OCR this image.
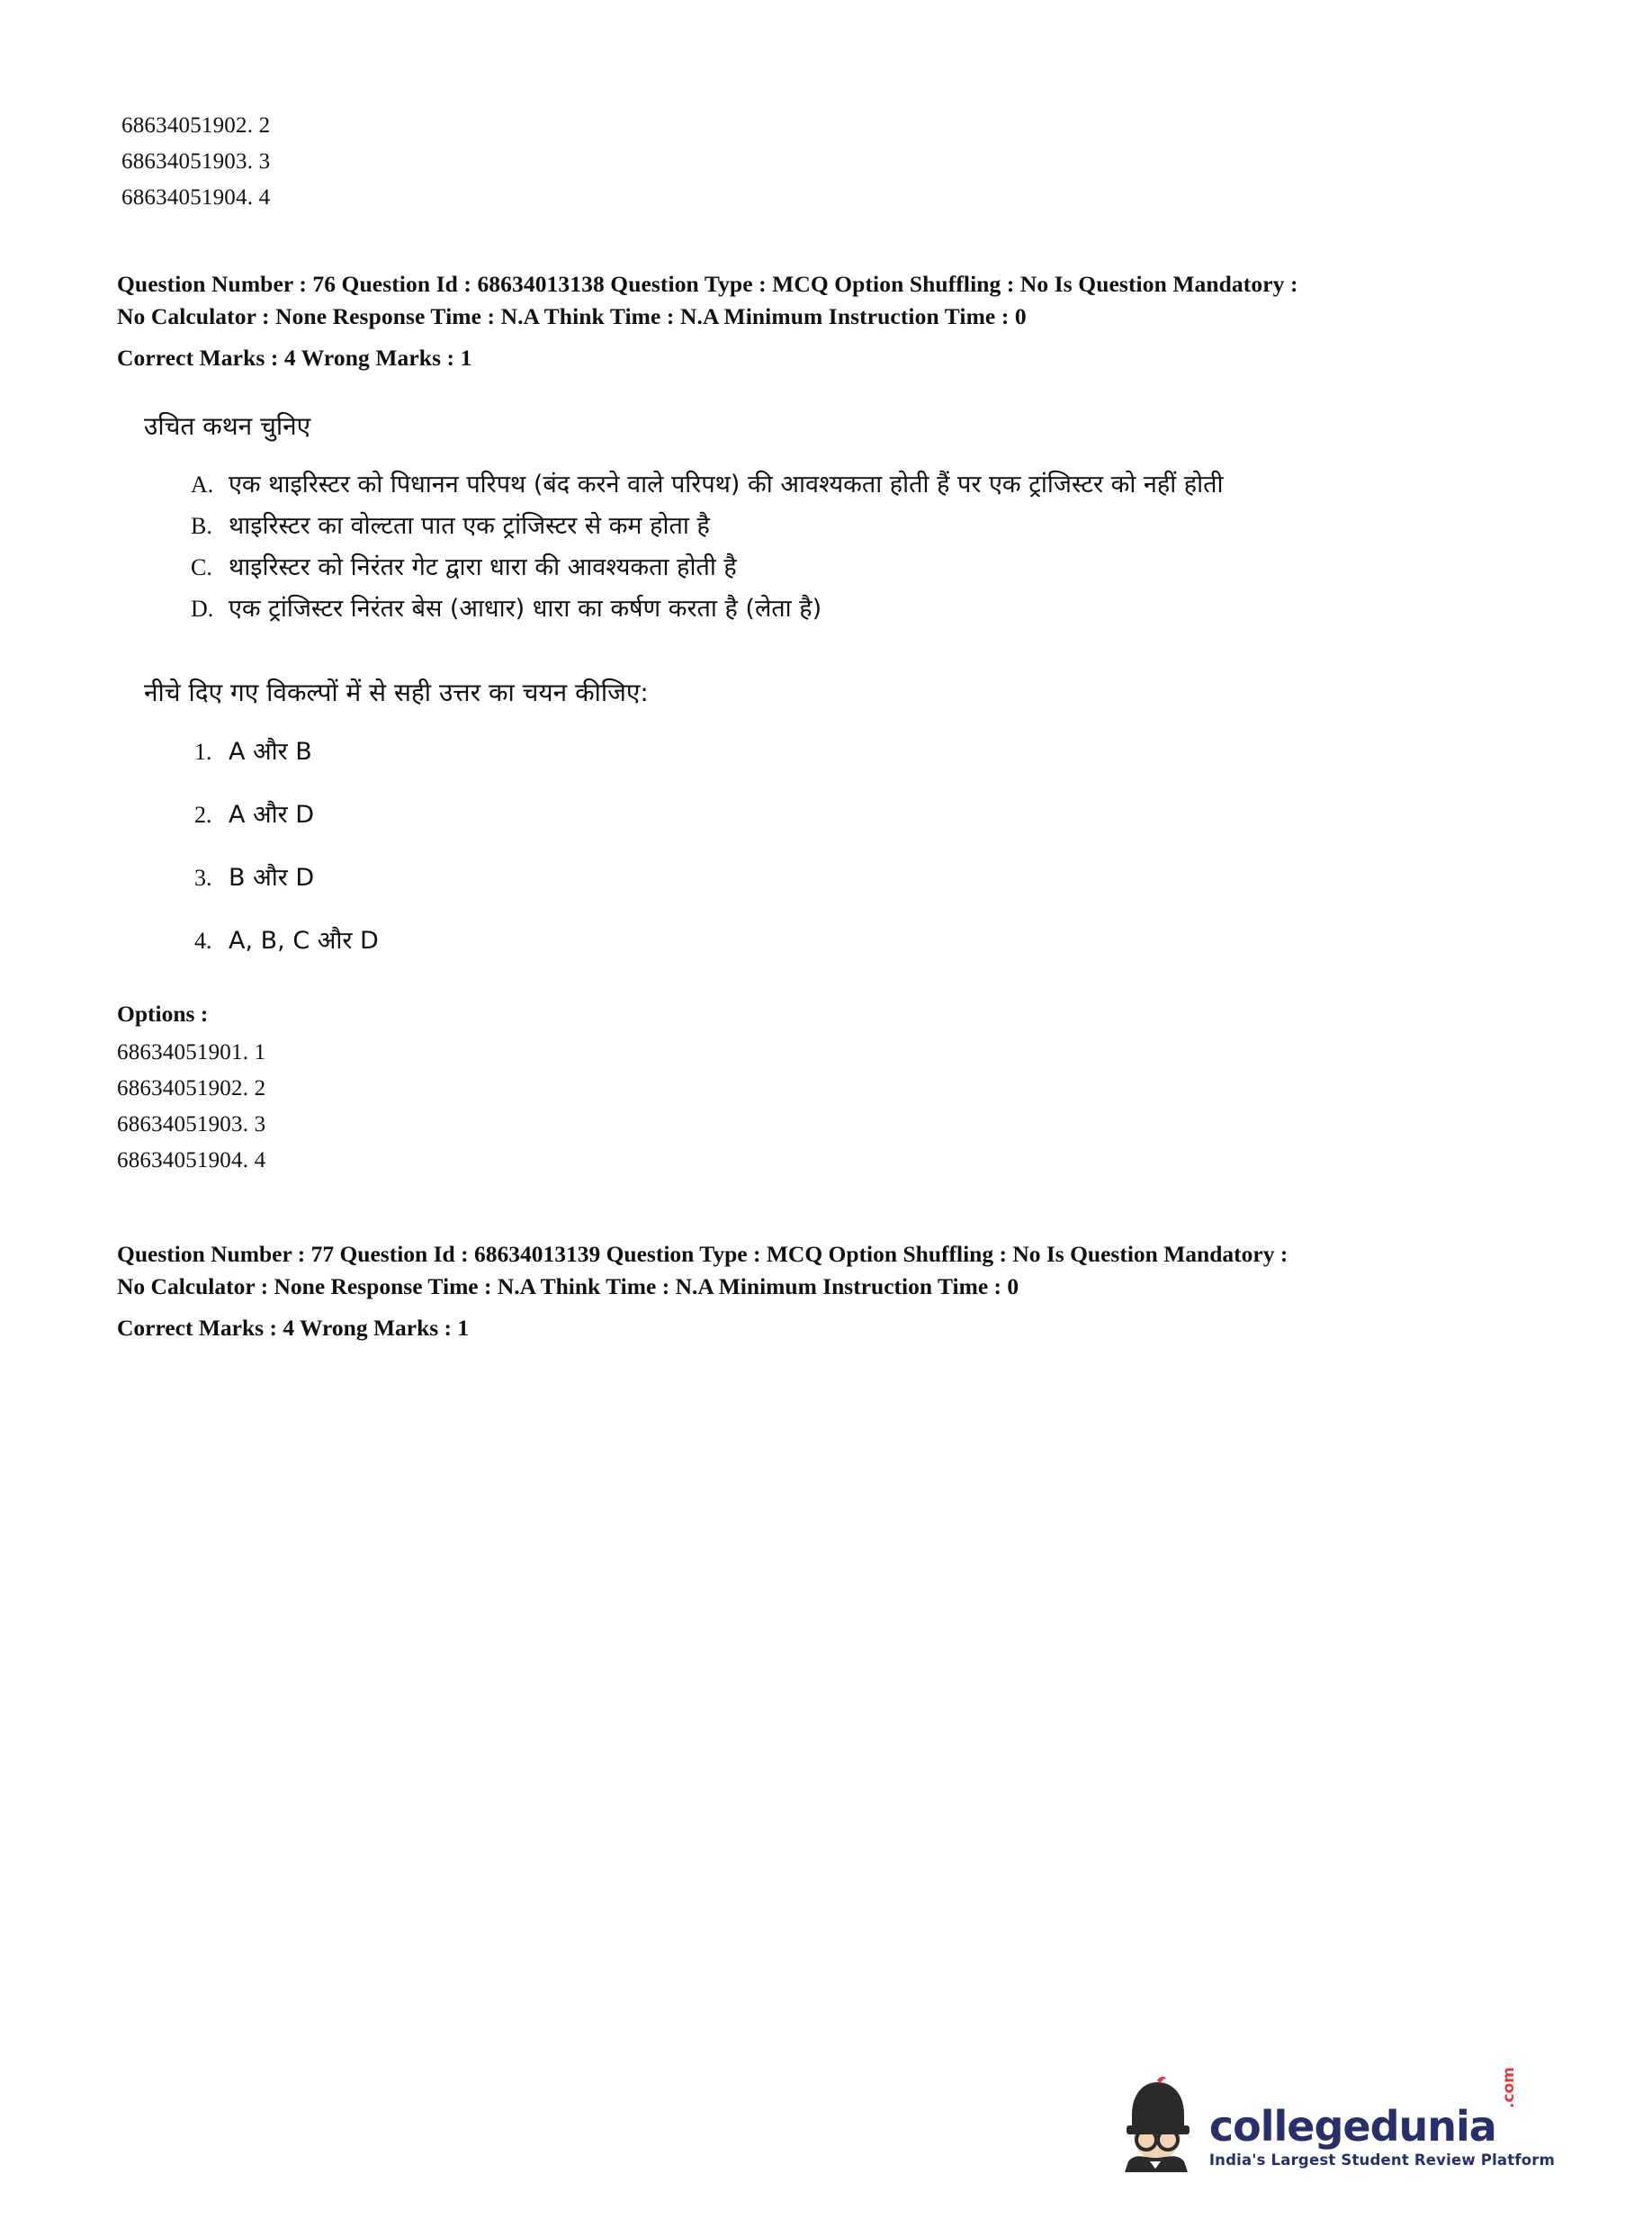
68634051902. 2
68634051903. 3
68634051904. 4
Question Number : 76 Question Id : 68634013138 Question Type : MCQ Option Shuffling : No Is Question Mandatory :
No Calculator : None Response Time : N.A Think Time : N.A Minimum Instruction Time : 0
Correct Marks : 4 Wrong Marks : 1
उचित कथन चुनिए
A. एक थाइरिस्टर को पिधानन परिपथ (बंद करने वाले परिपथ) की आवश्यकता होती हैं पर एक ट्रांजिस्टर को नहीं होती
B. थाइरिस्टर का वोल्टता पात एक ट्रांजिस्टर से कम होता है
C. थाइरिस्टर को निरंतर गेट द्वारा धारा की आवश्यकता होती है
D. एक ट्रांजिस्टर निरंतर बेस (आधार) धारा का कर्षण करता है (लेता है)
नीचे दिए गए विकल्पों में से सही उत्तर का चयन कीजिए:
1. A और B
2. A और D
3. B और D
4. A, B, C और D
Options :
68634051901. 1
68634051902. 2
68634051903. 3
68634051904. 4
Question Number : 77 Question Id : 68634013139 Question Type : MCQ Option Shuffling : No Is Question Mandatory :
No Calculator : None Response Time : N.A Think Time : N.A Minimum Instruction Time : 0
Correct Marks : 4 Wrong Marks : 1
collegedunia
.com
India's Largest Student Review Platform
